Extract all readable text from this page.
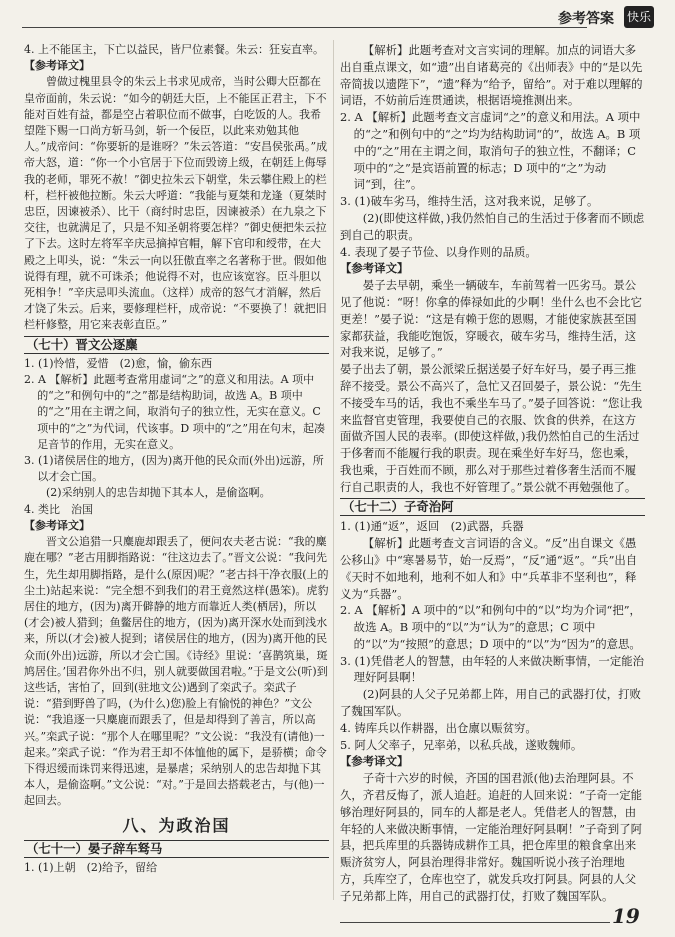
参考答案 快乐

4. 上不能匡主，下亡以益民，皆尸位素餐。朱云：狂妄直率。

【参考译文】

曾做过槐里县令的朱云上书求见成帝，当时公卿大臣都在皇帝面前，朱云说：“如今的朝廷大臣，上不能匡正君主，下不能对百姓有益，都是空占着职位而不做事，白吃饭的人。我希望陛下赐一口尚方斩马剑，斩一个佞臣，以此来劝勉其他人。”成帝问：“你要斩的是谁呀？”朱云答道：“安昌侯张禹。”成帝大怒，道：“你一个小官居于下位而毁谤上级，在朝廷上侮辱我的老师，罪死不赦！”御史拉朱云下朝堂，朱云攀住殿上的栏杆，栏杆被他拉断。朱云大呼道：“我能与夏桀和龙逢（夏桀时忠臣，因谏被杀）、比干（商纣时忠臣，因谏被杀）在九泉之下交往，也就满足了，只是不知圣朝将要怎样？”御史便把朱云拉了下去。这时左将军辛庆忌摘掉官帽，解下官印和绶带，在大殿之上叩头，说：“朱云一向以狂傲直率之名著称于世。假如他说得有理，就不可诛杀；他说得不对，也应该宽容。臣斗胆以死相争！”辛庆忌叩头流血。（这样）成帝的怒气才消解，然后才饶了朱云。后来，要修理栏杆，成帝说：“不要换了！就把旧栏杆修整，用它来表彰直臣。”

（七十）晋文公逐麋

1. (1)怜惜，爱惜　(2)愈，愉，偷东西

2. A 【解析】此题考查常用虚词“之”的意义和用法。A 项中的“之”和例句中的“之”都是结构助词，故选 A。B 项中的“之”用在主谓之间，取消句子的独立性，无实在意义。C 项中的“之”为代词，代该事。D 项中的“之”用在句末，起凑足音节的作用，无实在意义。

3. (1)诸侯居住的地方，(因为)离开他的民众而(外出)远游，所以才会亡国。

(2)采纳别人的忠告却抛下其本人，是偷盗啊。

4. 类比　治国

【参考译文】

晋文公追猎一只麋鹿却跟丢了，便问农夫老古说：“我的麋鹿在哪？”老古用脚指路说：“往这边去了。”晋文公说：“我问先生，先生却用脚指路，是什么(原因)呢？”老古抖干净衣服(上的尘土)站起来说：“完全想不到我们的君王竟然这样(愚笨)。虎豹居住的地方，(因为)离开僻静的地方而靠近人类(栖居)，所以(才会)被人猎到；鱼鳖居住的地方，(因为)离开深水处而到浅水来，所以(才会)被人捉到；诸侯居住的地方，(因为)离开他的民众而(外出)远游，所以才会亡国。《诗经》里说：‘喜鹊筑巢，斑鸠居住。’国君你外出不归，别人就要做国君啦。”于是文公(听)到这些话，害怕了，回到(驻地文公)遇到了栾武子。栾武子说：“猎到野兽了吗，(为什么)您)脸上有愉悦的神色？”文公说：“我追逐一只麋鹿而跟丢了，但是却得到了善言，所以高兴。”栾武子说：“那个人在哪里呢？”文公说：“我没有(请他)一起来。”栾武子说：“作为君王却不体恤他的属下，是骄横；命令下得迟缓而诛罚来得迅速，是暴虐；采纳别人的忠告却抛下其本人，是偷盗啊。”文公说：“对。”于是回去搭载老古，与(他)一起回去。

八、为政治国
（七十一）晏子辞车驽马

1. (1)上朝　(2)给予，留给

【解析】此题考查对文言实词的理解。加点的词语大多出自重点课文，如“遗”出自诸葛亮的《出师表》中的“是以先帝简拔以遗陛下”，“遗”释为“给予，留给”。对于难以理解的词语，不妨前后连贯通读，根据语境推测出来。

2. A 【解析】此题考查文言虚词“之”的意义和用法。A 项中的“之”和例句中的“之”均为结构助词“的”，故选 A。B 项中的“之”用在主谓之间，取消句子的独立性，不翻译；C 项中的“之”是宾语前置的标志；D 项中的“之”为动词“到，往”。

3. (1)破车劣马，维持生活，这对我来说，足够了。

(2)(即使这样做，)我仍然怕自己的生活过于侈奢而不顾虑到自己的职责。

4. 表现了晏子节俭、以身作则的品质。

【参考译文】

晏子去早朝，乘坐一辆破车，车前驾着一匹劣马。景公见了他说：“呀！你拿的俸禄如此的少啊！坐什么也不会比它更差！”晏子说：“这是有赖于您的恩赐，才能使家族甚至国家都获益，我能吃饱饭，穿暖衣，破车劣马，维持生活，这对我来说，足够了。”
晏子出去了朝，景公派梁丘据送晏子好车好马，晏子再三推辞不接受。景公不高兴了，急忙又召回晏子，景公说：“先生不接受车马的话，我也不乘坐车马了。”晏子回答说：“您让我来监督官吏管理，我要使自己的衣服、饮食的供养，在这方面做齐国人民的表率。(即使这样做，)我仍然怕自己的生活过于侈奢而不能履行我的职责。现在乘坐好车好马，您也乘，我也乘，于百姓而不顾，那么对于那些过着侈奢生活而不履行自己职责的人，我也不好管理了。”景公就不再勉强他了。

（七十二）子奇治阿

1. (1)通“返”，返回　(2)武器，兵器

【解析】此题考查文言词语的含义。“反”出自课文《愚公移山》中“寒暑易节，始一反焉”，“反”通“返”。“兵”出自《天时不如地利，地利不如人和》中“兵革非不坚利也”，释义为“兵器”。

2. A 【解析】A 项中的“以”和例句中的“以”均为介词“把”，故选 A。B 项中的“以”为“认为”的意思；C 项中的“以”为“按照”的意思；D 项中的“以”为“因为”的意思。

3. (1)凭借老人的智慧，由年轻的人来做决断事情，一定能治理好阿县啊！

(2)阿县的人父子兄弟都上阵，用自己的武器打仗，打败了魏国军队。

4. 铸库兵以作耕器，出仓廪以赈贫穷。

5. 阿人父率子，兄率弟，以私兵战，遂败魏师。

【参考译文】

子奇十六岁的时候，齐国的国君派(他)去治理阿县。不久，齐君反悔了，派人追赶。追赶的人回来说：“子奇一定能够治理好阿县的，同车的人都是老人。凭借老人的智慧，由年轻的人来做决断事情，一定能治理好阿县啊！”子奇到了阿县，把兵库里的兵器铸成耕作工具，把仓库里的粮食拿出来赈济贫穷人，阿县治理得非常好。魏国听说小孩子治理地方，兵库空了，仓库也空了，就发兵攻打阿县。阿县的人父子兄弟都上阵，用自己的武器打仗，打败了魏国军队。

19
